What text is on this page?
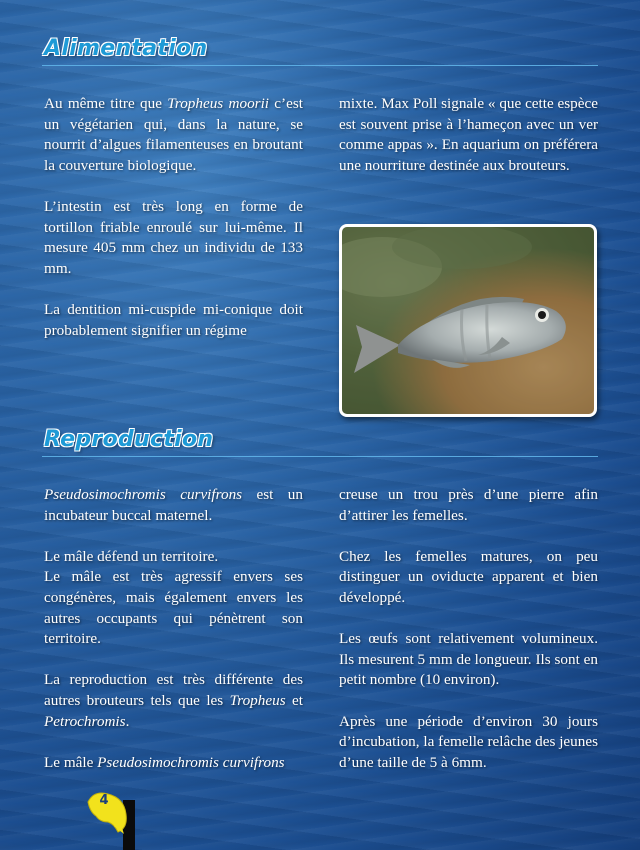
Alimentation

Au même titre que Tropheus moorii c’est un végétarien qui, dans la nature, se nourrit d’algues filamenteuses en broutant la couverture biologique.

L’intestin est très long en forme de tortillon friable enroulé sur lui-même. Il mesure 405 mm chez un individu de 133 mm.

La dentition mi-cuspide mi-conique doit probablement signifier un régime

mixte. Max Poll signale « que cette espèce est souvent prise à l’hameçon avec un ver comme appas ». En aquarium on préférera une nourriture destinée aux brouteurs.

Reproduction

Pseudosimochromis curvifrons est un incubateur buccal maternel.

Le mâle défend un territoire.
Le mâle est très agressif envers ses congénères, mais également envers les autres occupants qui pénètrent son territoire.

La reproduction est très différente des autres brouteurs tels que les Tropheus et Petrochromis.

Le mâle Pseudosimochromis curvifrons

creuse un trou près d’une pierre afin d’attirer les femelles.

Chez les femelles matures, on peu distinguer un oviducte apparent et bien développé.

Les œufs sont relativement volumineux. Ils mesurent 5 mm de longueur. Ils sont en petit nombre (10 environ).

Après une période d’environ 30 jours d’incubation, la femelle relâche des jeunes d’une taille de 5 à 6mm.

4
